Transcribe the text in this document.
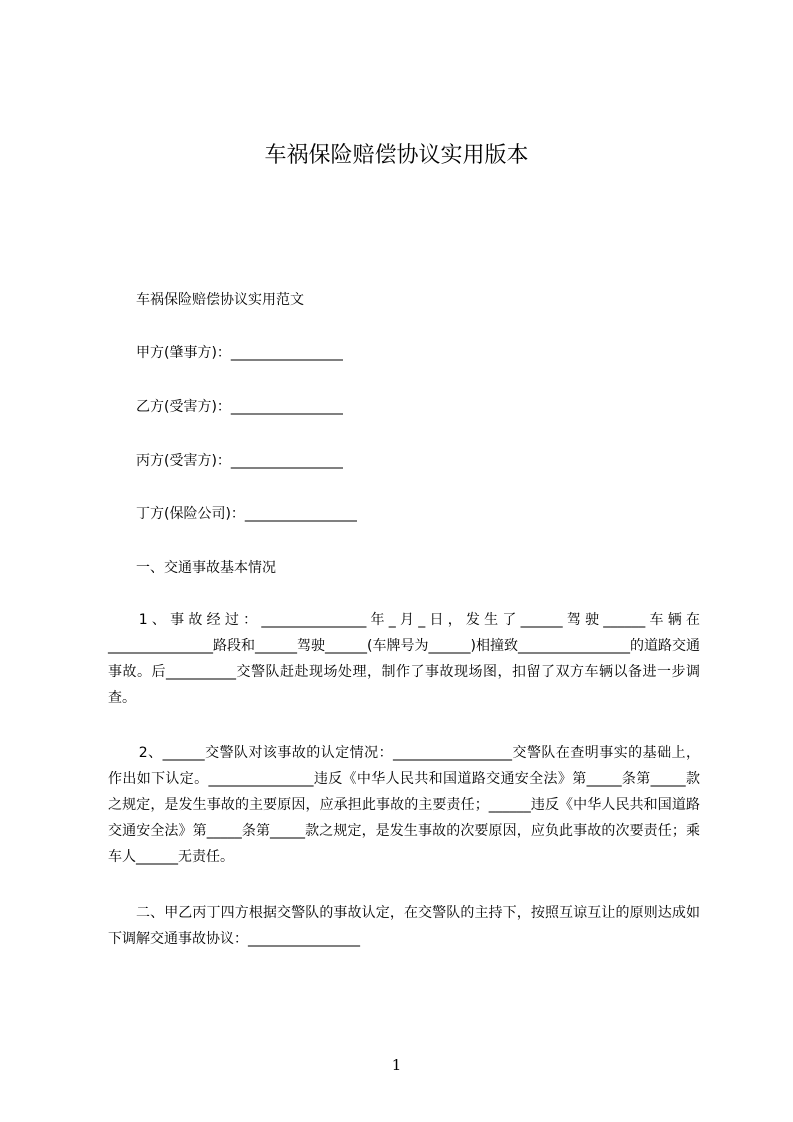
车祸保险赔偿协议实用版本
车祸保险赔偿协议实用范文
甲方(肇事方)：________________
乙方(受害方)：________________
丙方(受害方)：________________
丁方(保险公司)：________________
一、交通事故基本情况
1、事故经过：_______________年_月_日，发生了______驾驶______车辆在_______________路段和______驾驶______(车牌号为______)相撞致________________的道路交通事故。后__________交警队赶赴现场处理，制作了事故现场图，扣留了双方车辆以备进一步调查。
2、______交警队对该事故的认定情况：_________________交警队在查明事实的基础上，作出如下认定。_______________违反《中华人民共和国道路交通安全法》第_____条第_____款之规定，是发生事故的主要原因，应承担此事故的主要责任；______违反《中华人民共和国道路交通安全法》第_____条第_____款之规定，是发生事故的次要原因，应负此事故的次要责任；乘车人______无责任。
二、甲乙丙丁四方根据交警队的事故认定，在交警队的主持下，按照互谅互让的原则达成如下调解交通事故协议：________________
1
